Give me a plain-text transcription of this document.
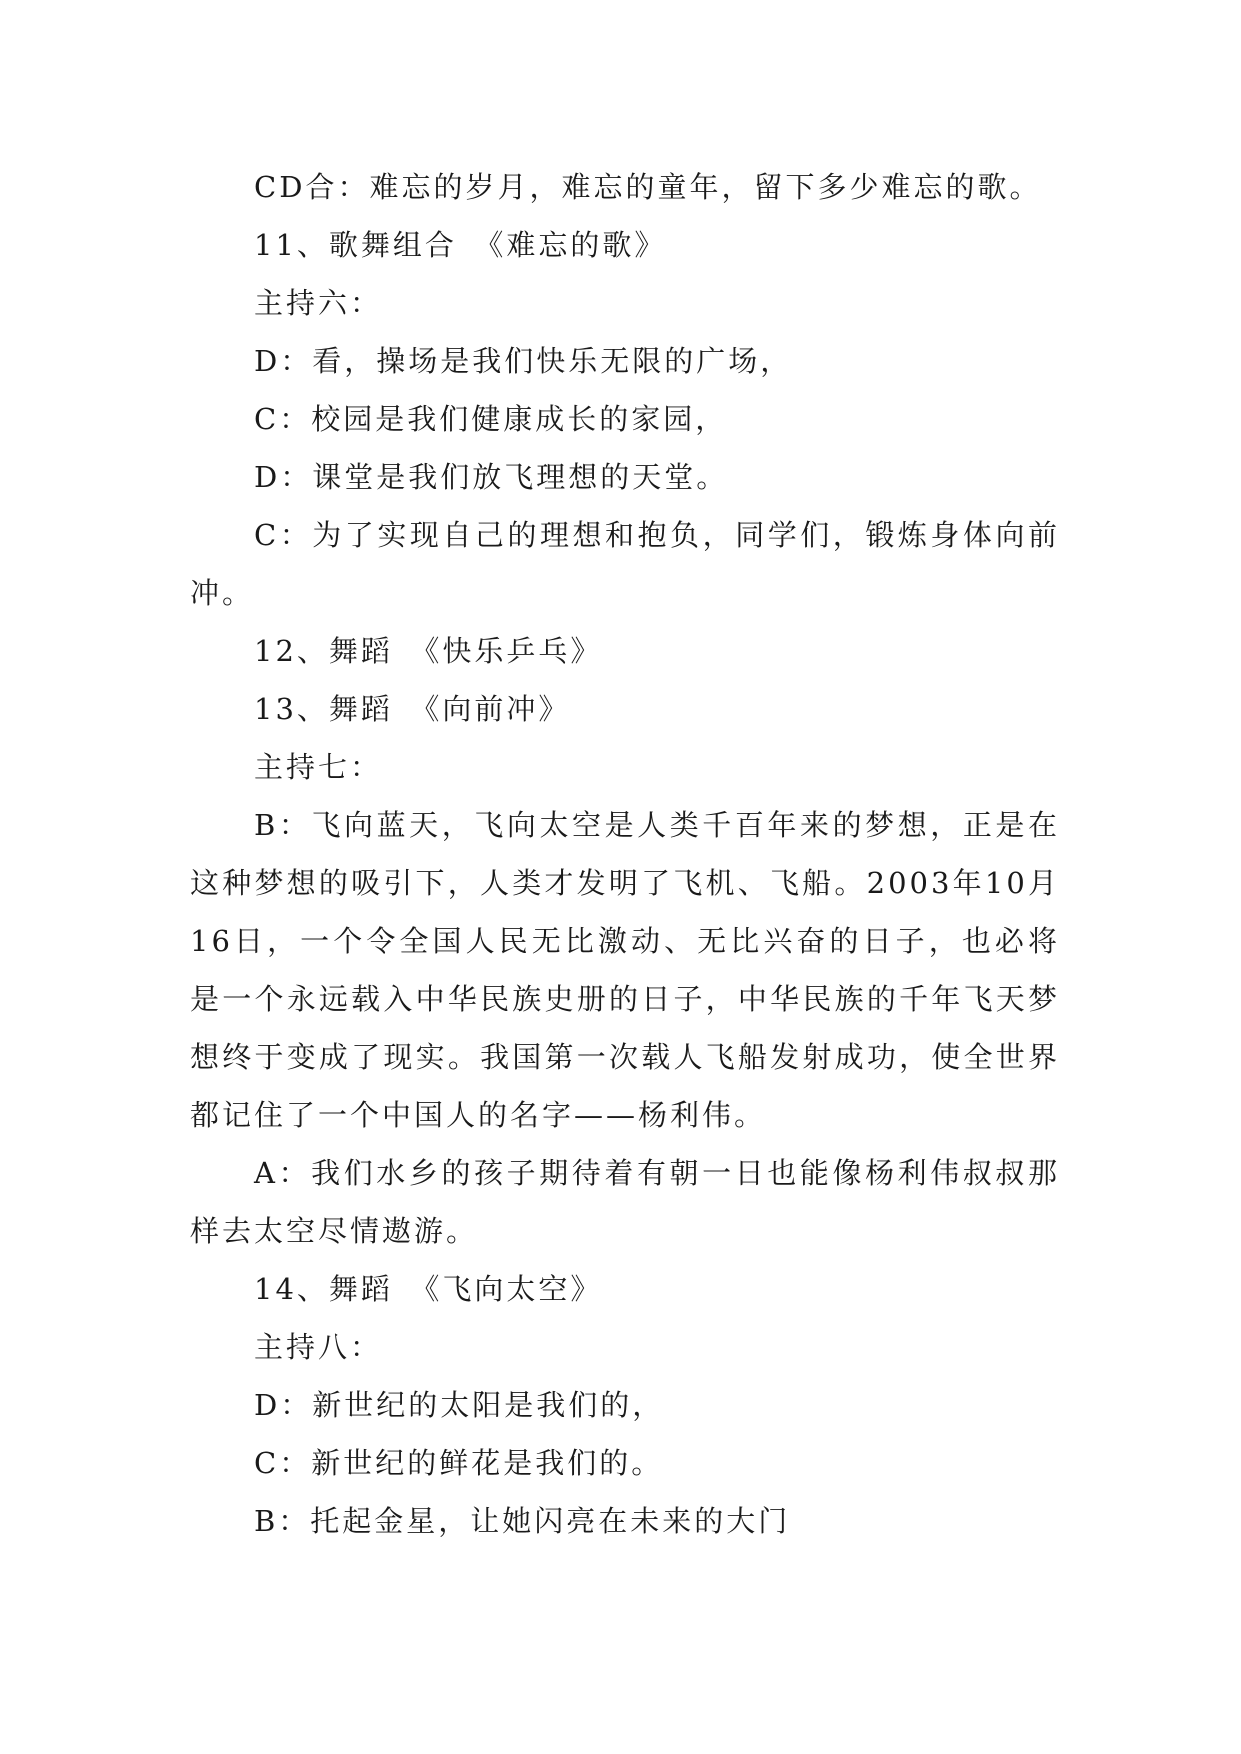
CD合：难忘的岁月，难忘的童年，留下多少难忘的歌。

11、歌舞组合　《难忘的歌》

主持六：

D：看，操场是我们快乐无限的广场，

C：校园是我们健康成长的家园，

D：课堂是我们放飞理想的天堂。

C：为了实现自己的理想和抱负，同学们，锻炼身体向前冲。

12、舞蹈　《快乐乒乓》

13、舞蹈　《向前冲》

主持七：

B：飞向蓝天，飞向太空是人类千百年来的梦想，正是在这种梦想的吸引下，人类才发明了飞机、飞船。2003年10月16日，一个令全国人民无比激动、无比兴奋的日子，也必将是一个永远载入中华民族史册的日子，中华民族的千年飞天梦想终于变成了现实。我国第一次载人飞船发射成功，使全世界都记住了一个中国人的名字——杨利伟。

A：我们水乡的孩子期待着有朝一日也能像杨利伟叔叔那样去太空尽情遨游。

14、舞蹈　《飞向太空》

主持八：

D：新世纪的太阳是我们的，

C：新世纪的鲜花是我们的。

B：托起金星，让她闪亮在未来的大门
